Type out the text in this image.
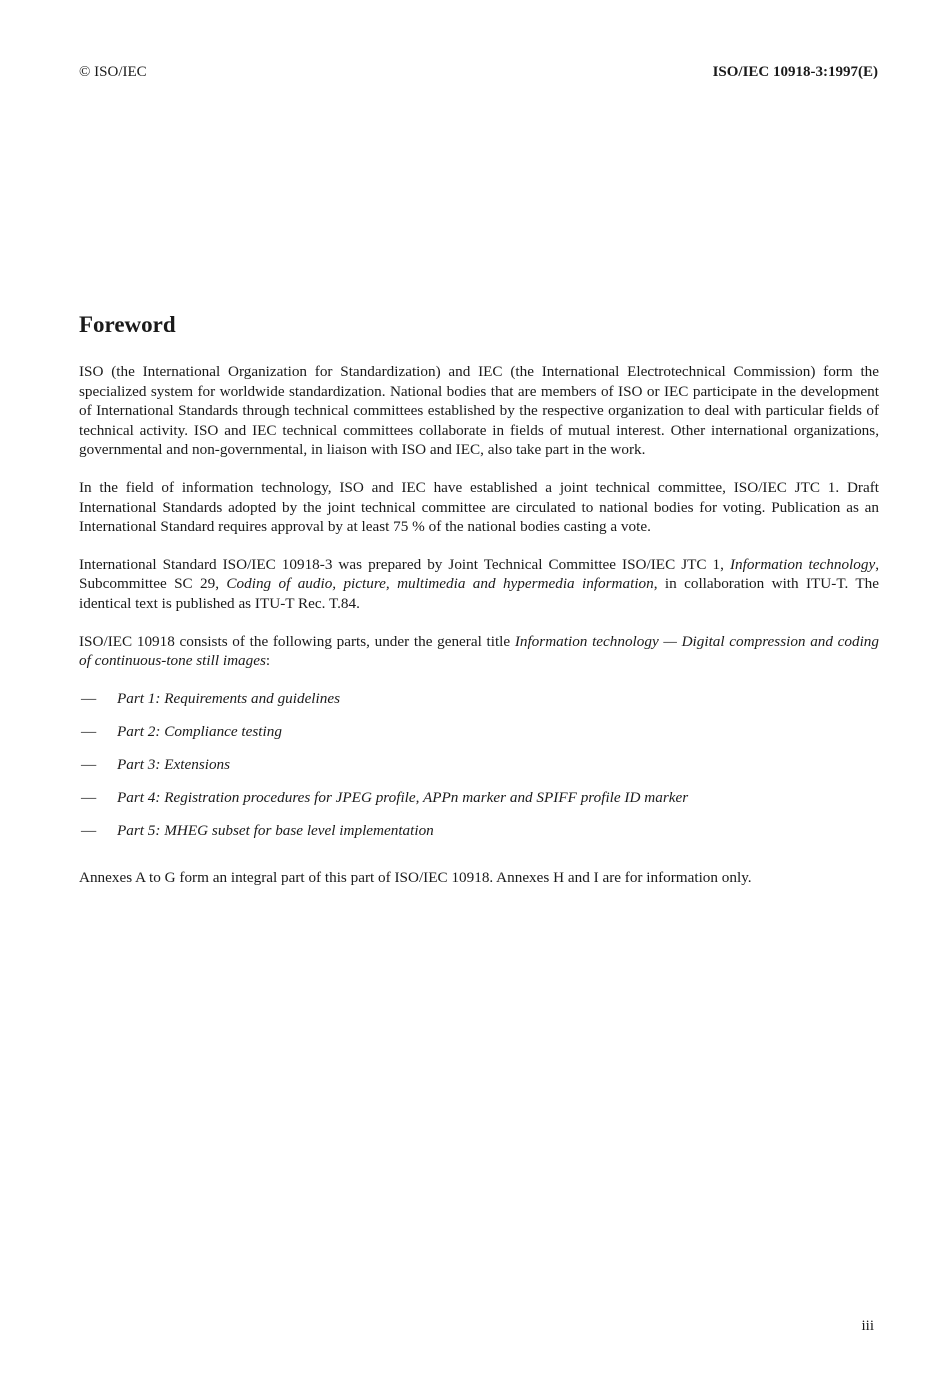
© ISO/IEC	ISO/IEC 10918-3:1997(E)
Foreword

ISO (the International Organization for Standardization) and IEC (the International Electrotechnical Commission) form the specialized system for worldwide standardization. National bodies that are members of ISO or IEC participate in the development of International Standards through technical committees established by the respective organization to deal with particular fields of technical activity. ISO and IEC technical committees collaborate in fields of mutual interest. Other international organizations, governmental and non-governmental, in liaison with ISO and IEC, also take part in the work.

In the field of information technology, ISO and IEC have established a joint technical committee, ISO/IEC JTC 1. Draft International Standards adopted by the joint technical committee are circulated to national bodies for voting. Publication as an International Standard requires approval by at least 75 % of the national bodies casting a vote.

International Standard ISO/IEC 10918-3 was prepared by Joint Technical Committee ISO/IEC JTC 1, Information technology, Subcommittee SC 29, Coding of audio, picture, multimedia and hypermedia information, in collaboration with ITU-T. The identical text is published as ITU-T Rec. T.84.

ISO/IEC 10918 consists of the following parts, under the general title Information technology — Digital compression and coding of continuous-tone still images:

— Part 1: Requirements and guidelines
— Part 2: Compliance testing
— Part 3: Extensions
— Part 4: Registration procedures for JPEG profile, APPn marker and SPIFF profile ID marker
— Part 5: MHEG subset for base level implementation

Annexes A to G form an integral part of this part of ISO/IEC 10918. Annexes H and I are for information only.

iii
